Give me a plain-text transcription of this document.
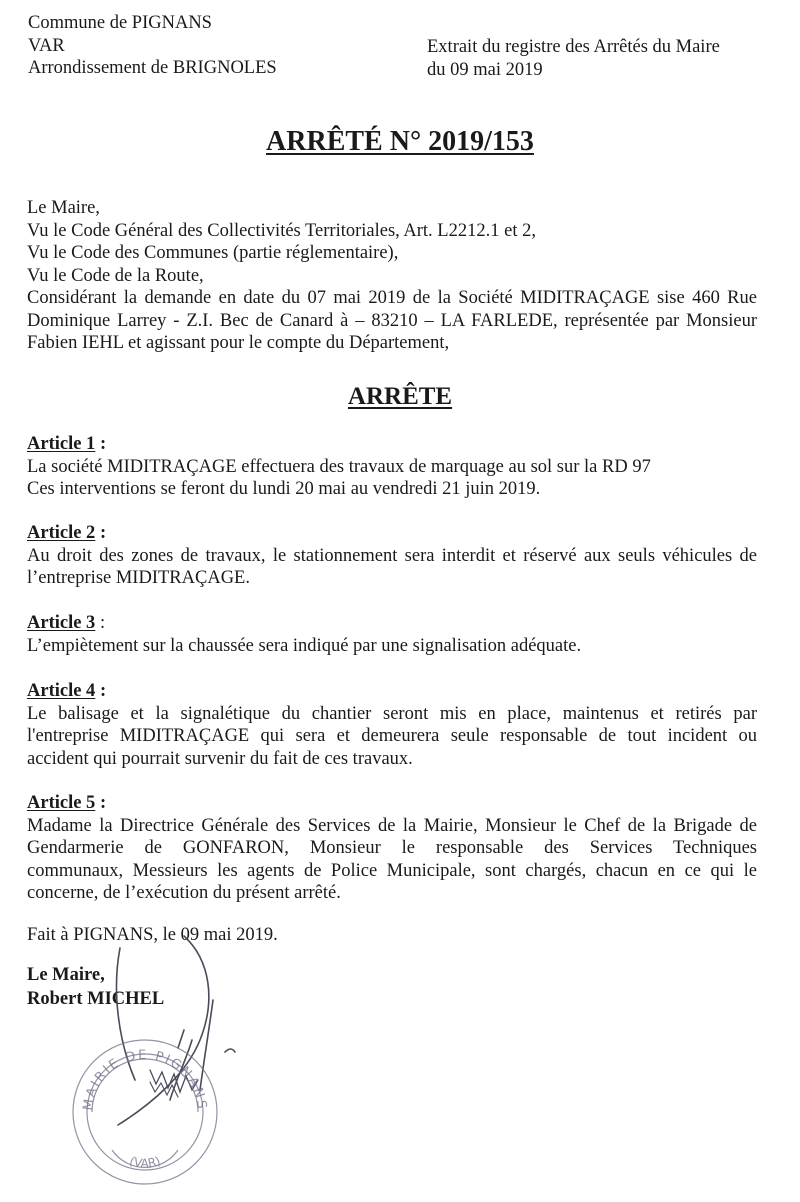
Commune de PIGNANS
VAR
Arrondissement de BRIGNOLES
Extrait du registre des Arrêtés du Maire
du 09 mai 2019
ARRÊTÉ N° 2019/153
Le Maire,
Vu le Code Général des Collectivités Territoriales, Art. L2212.1 et 2,
Vu le Code des Communes (partie réglementaire),
Vu le Code de la Route,
Considérant la demande en date du 07 mai 2019 de la Société MIDITRAÇAGE sise 460 Rue
Dominique Larrey - Z.I. Bec de Canard à – 83210 – LA FARLEDE, représentée par Monsieur
Fabien IEHL et agissant pour le compte du Département,
ARRÊTE
Article 1 :
La société MIDITRAÇAGE effectuera des travaux de marquage au sol sur la RD 97
Ces interventions se feront du lundi 20 mai au vendredi 21 juin 2019.
Article 2 :
Au droit des zones de travaux, le stationnement sera interdit et réservé aux seuls véhicules de
l’entreprise MIDITRAÇAGE.
Article 3 :
L’empiètement sur la chaussée sera indiqué par une signalisation adéquate.
Article 4 :
Le balisage et la signalétique du chantier seront mis en place, maintenus et retirés par
l'entreprise MIDITRAÇAGE qui sera et demeurera seule responsable de tout incident ou
accident qui pourrait survenir du fait de ces travaux.
Article 5 :
Madame la Directrice Générale des Services de la Mairie, Monsieur le Chef de la Brigade de
Gendarmerie de GONFARON, Monsieur le responsable des Services Techniques
communaux, Messieurs les agents de Police Municipale, sont chargés, chacun en ce qui le
concerne, de l’exécution du présent arrêté.
Fait à PIGNANS, le 09 mai 2019.
Le Maire,
Robert MICHEL
MAIRIE DE PIGNANS
(VAR)
